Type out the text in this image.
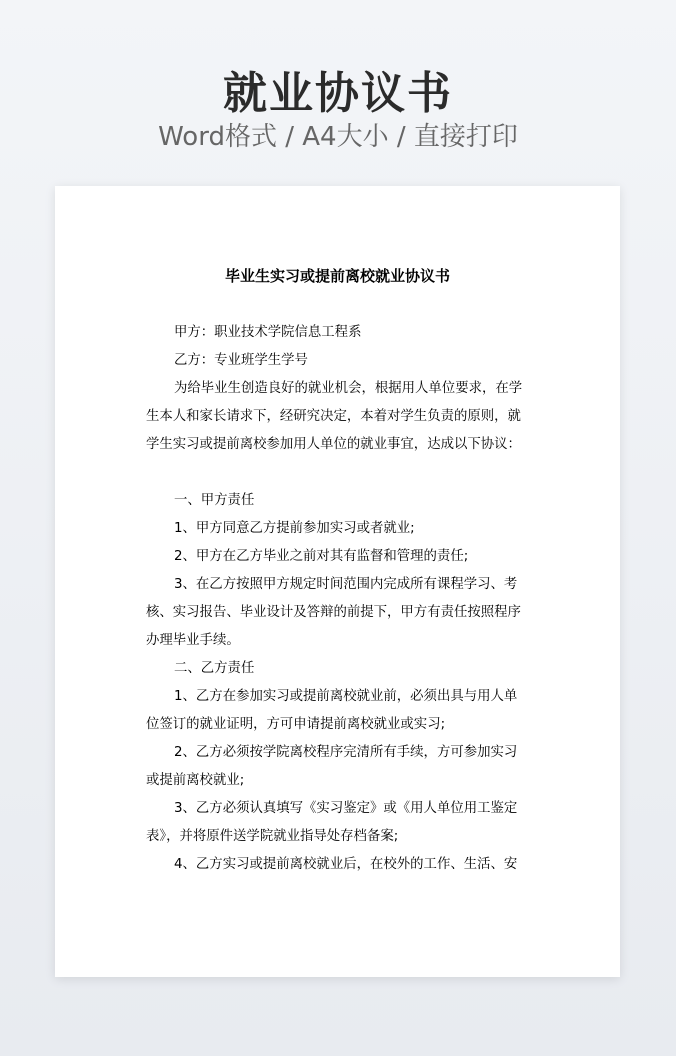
就业协议书
Word格式 / A4大小 / 直接打印
毕业生实习或提前离校就业协议书
甲方：职业技术学院信息工程系
乙方：专业班学生学号
为给毕业生创造良好的就业机会，根据用人单位要求，在学
生本人和家长请求下，经研究决定，本着对学生负责的原则，就
学生实习或提前离校参加用人单位的就业事宜，达成以下协议：
一、甲方责任
1、甲方同意乙方提前参加实习或者就业;
2、甲方在乙方毕业之前对其有监督和管理的责任;
3、在乙方按照甲方规定时间范围内完成所有课程学习、考
核、实习报告、毕业设计及答辩的前提下，甲方有责任按照程序
办理毕业手续。
二、乙方责任
1、乙方在参加实习或提前离校就业前，必须出具与用人单
位签订的就业证明，方可申请提前离校就业或实习;
2、乙方必须按学院离校程序完清所有手续，方可参加实习
或提前离校就业;
3、乙方必须认真填写《实习鉴定》或《用人单位用工鉴定
表》，并将原件送学院就业指导处存档备案;
4、乙方实习或提前离校就业后，在校外的工作、生活、安
